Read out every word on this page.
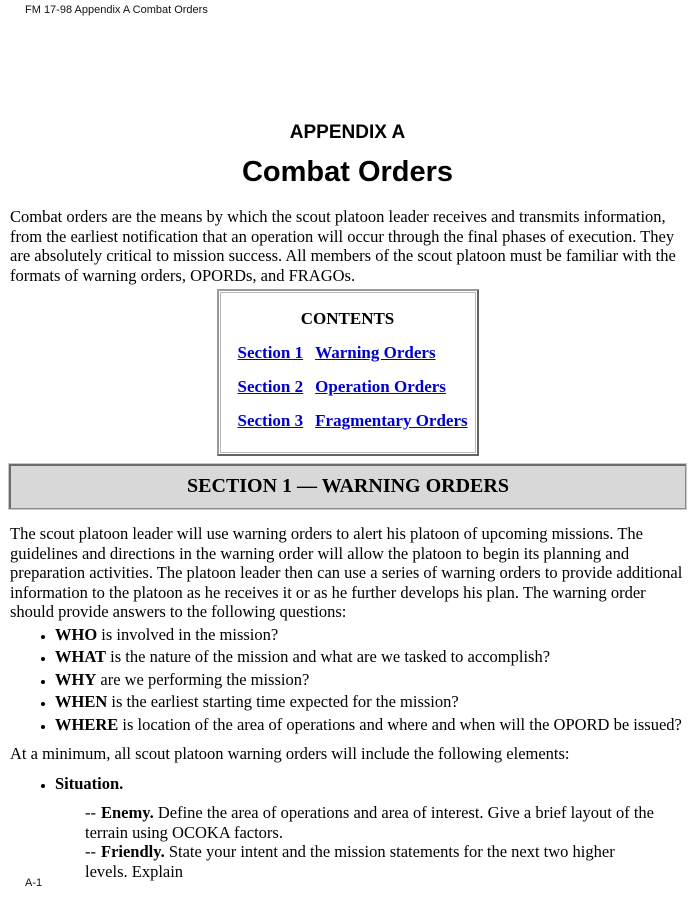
FM 17-98 Appendix A Combat Orders
APPENDIX A
Combat Orders

Combat orders are the means by which the scout platoon leader receives and transmits information, from the earliest notification that an operation will occur through the final phases of execution. They are absolutely critical to mission success. All members of the scout platoon must be familiar with the formats of warning orders, OPORDs, and FRAGOs.

CONTENTS
Section 1 Warning Orders
Section 2 Operation Orders
Section 3 Fragmentary Orders
SECTION 1 — WARNING ORDERS

The scout platoon leader will use warning orders to alert his platoon of upcoming missions. The guidelines and directions in the warning order will allow the platoon to begin its planning and preparation activities. The platoon leader then can use a series of warning orders to provide additional information to the platoon as he receives it or as he further develops his plan. The warning order should provide answers to the following questions:

• WHO is involved in the mission?
• WHAT is the nature of the mission and what are we tasked to accomplish?
• WHY are we performing the mission?
• WHEN is the earliest starting time expected for the mission?
• WHERE is location of the area of operations and where and when will the OPORD be issued?

At a minimum, all scout platoon warning orders will include the following elements:

• Situation.
-- Enemy. Define the area of operations and area of interest. Give a brief layout of the terrain using OCOKA factors.
-- Friendly. State your intent and the mission statements for the next two higher levels. Explain
A-1
